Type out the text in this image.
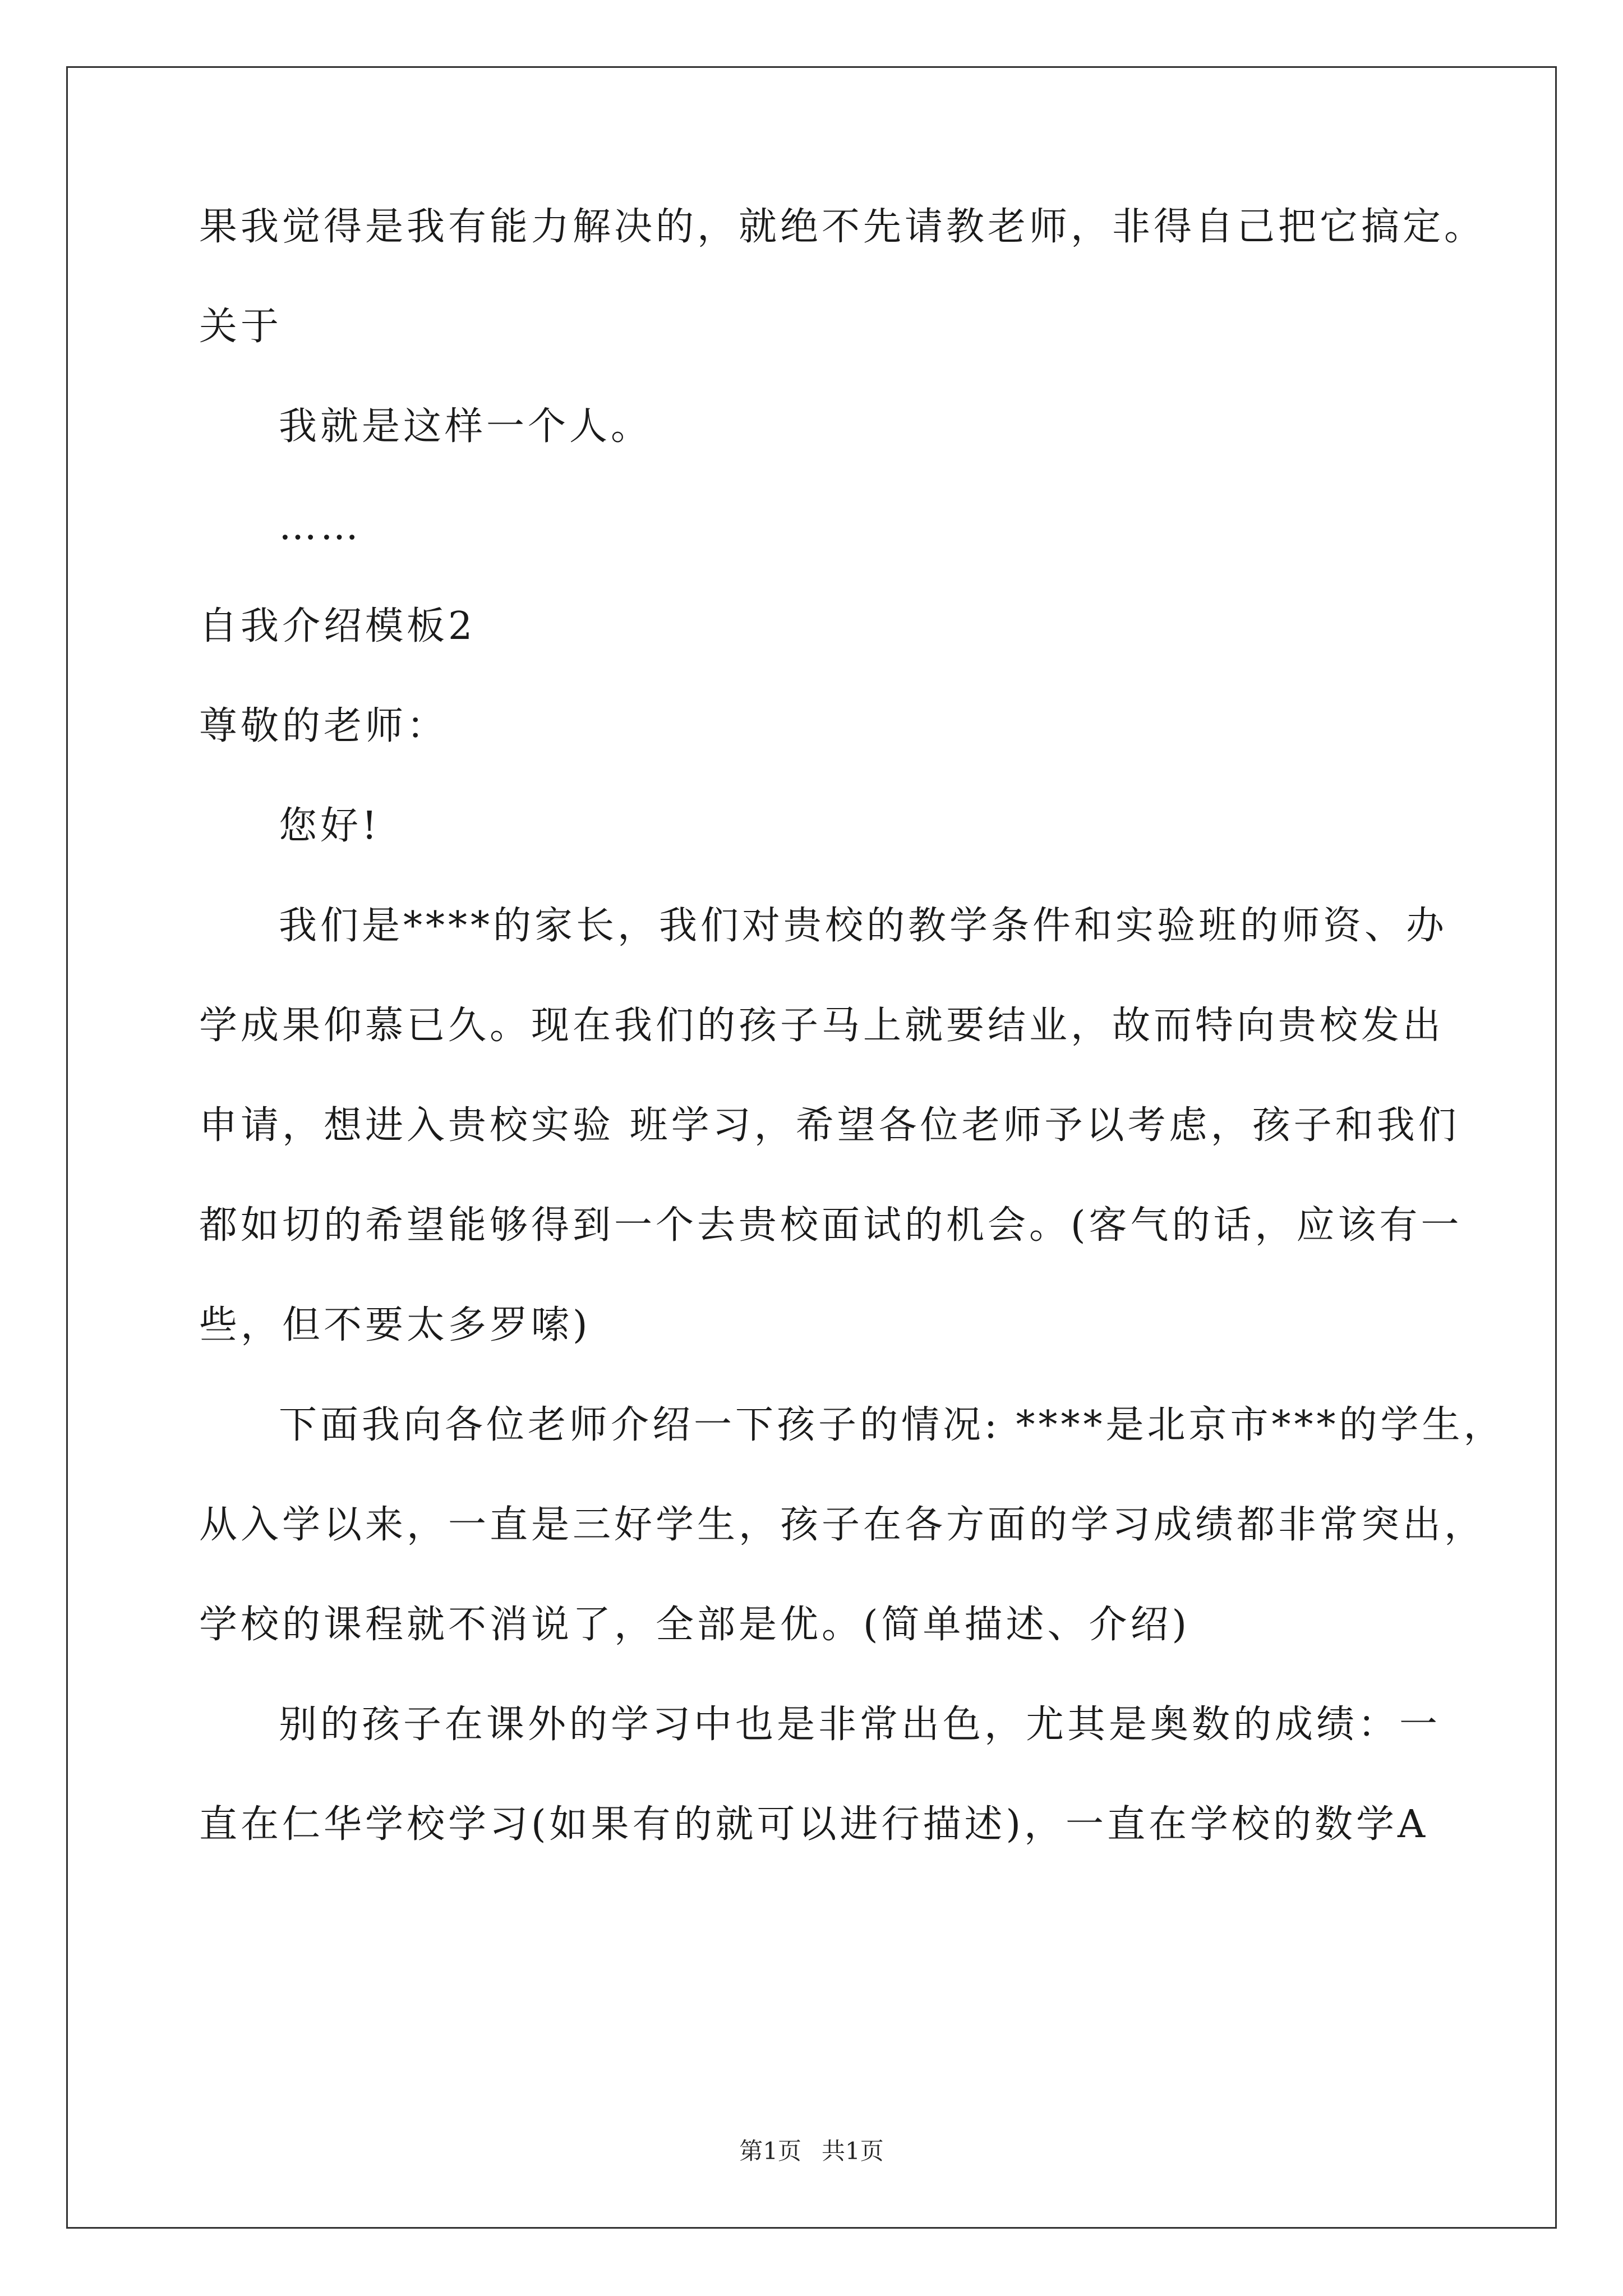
果我觉得是我有能力解决的，就绝不先请教老师，非得自己把它搞定。
关于
我就是这样一个人。
……
自我介绍模板2
尊敬的老师：
您好!
我们是****的家长，我们对贵校的教学条件和实验班的师资、办
学成果仰慕已久。现在我们的孩子马上就要结业，故而特向贵校发出
申请，想进入贵校实验 班学习，希望各位老师予以考虑，孩子和我们
都如切的希望能够得到一个去贵校面试的机会。(客气的话，应该有一
些，但不要太多罗嗦)
下面我向各位老师介绍一下孩子的情况: ****是北京市***的学生，
从入学以来，一直是三好学生，孩子在各方面的学习成绩都非常突出，
学校的课程就不消说了，全部是优。(简单描述、介绍)
别的孩子在课外的学习中也是非常出色，尤其是奥数的成绩：一
直在仁华学校学习(如果有的就可以进行描述)，一直在学校的数学A
第1页 共1页
